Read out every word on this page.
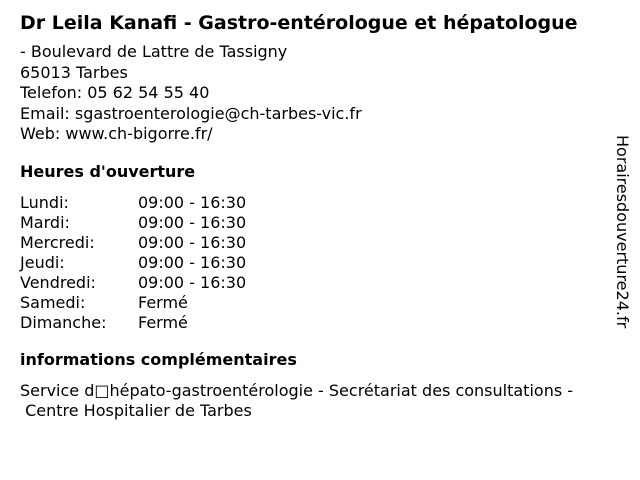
Dr Leila Kanafi - Gastro-entérologue et hépatologue
- Boulevard de Lattre de Tassigny
65013 Tarbes
Telefon: 05 62 54 55 40
Email: sgastroenterologie@ch-tarbes-vic.fr
Web: www.ch-bigorre.fr/
Heures d'ouverture
Lundi:	09:00 - 16:30
Mardi:	09:00 - 16:30
Mercredi:	09:00 - 16:30
Jeudi:	09:00 - 16:30
Vendredi:	09:00 - 16:30
Samedi:	Fermé
Dimanche:	Fermé
informations complémentaires
Service d□hépato-gastroentérologie - Secrétariat des consultations -
Centre Hospitalier de Tarbes
Horairesdouverture24.fr
